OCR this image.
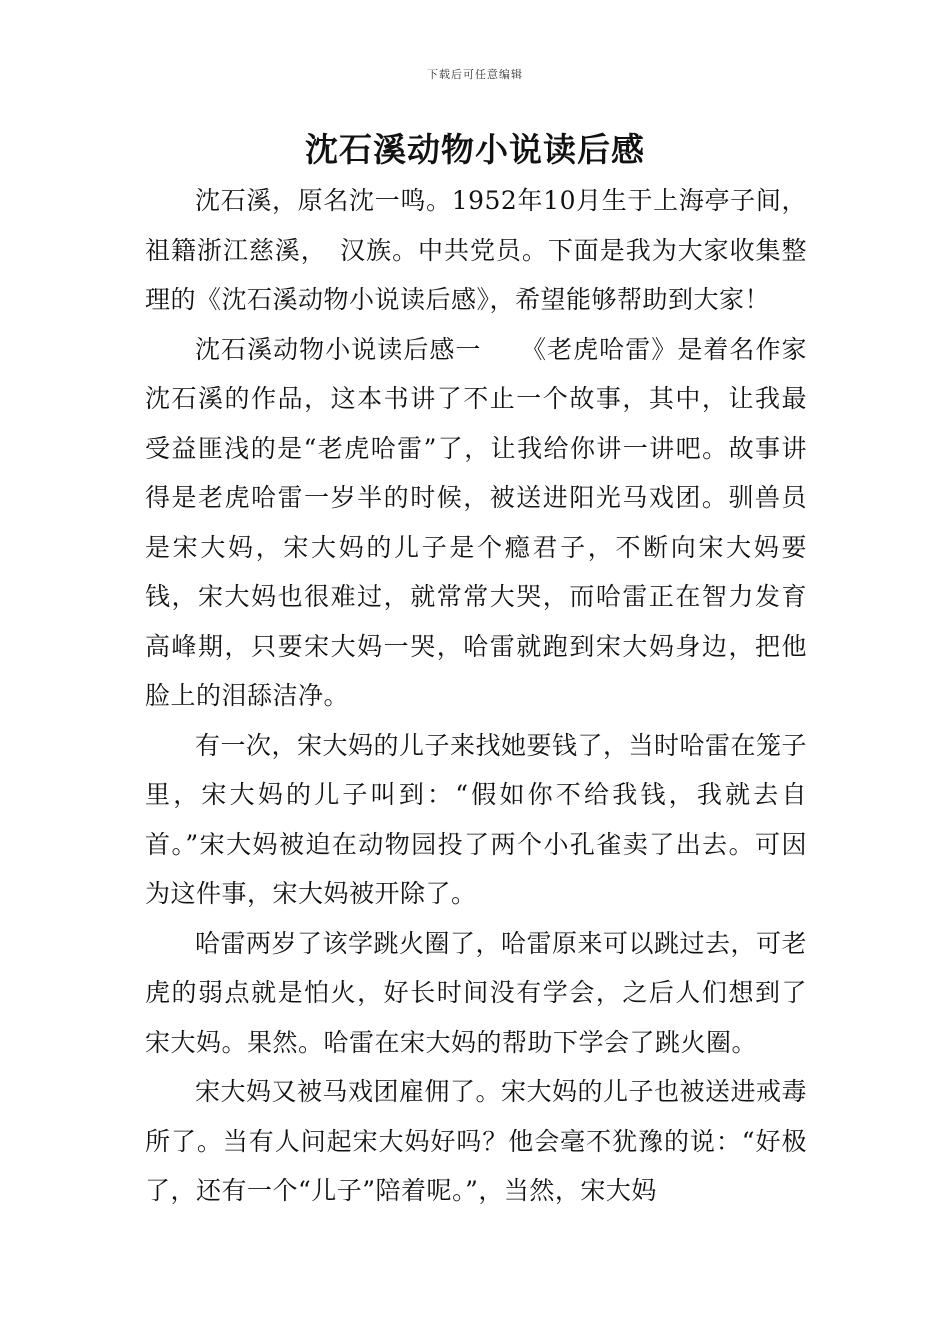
下载后可任意编辑
沈石溪动物小说读后感

沈石溪，原名沈一鸣。1952年10月生于上海亭子间，祖籍浙江慈溪，　汉族。中共党员。下面是我为大家收集整理的《沈石溪动物小说读后感》，希望能够帮助到大家！

沈石溪动物小说读后感一　　《老虎哈雷》是着名作家沈石溪的作品，这本书讲了不止一个故事，其中，让我最受益匪浅的是“老虎哈雷”了，让我给你讲一讲吧。故事讲得是老虎哈雷一岁半的时候，被送进阳光马戏团。驯兽员是宋大妈，宋大妈的儿子是个瘾君子，不断向宋大妈要钱，宋大妈也很难过，就常常大哭，而哈雷正在智力发育高峰期，只要宋大妈一哭，哈雷就跑到宋大妈身边，把他脸上的泪舔洁净。

有一次，宋大妈的儿子来找她要钱了，当时哈雷在笼子里，宋大妈的儿子叫到：“假如你不给我钱，我就去自首。”宋大妈被迫在动物园投了两个小孔雀卖了出去。可因为这件事，宋大妈被开除了。

哈雷两岁了该学跳火圈了，哈雷原来可以跳过去，可老虎的弱点就是怕火，好长时间没有学会，之后人们想到了宋大妈。果然。哈雷在宋大妈的帮助下学会了跳火圈。

宋大妈又被马戏团雇佣了。宋大妈的儿子也被送进戒毒所了。当有人问起宋大妈好吗？他会毫不犹豫的说：“好极了，还有一个“儿子”陪着呢。”，当然，宋大妈
